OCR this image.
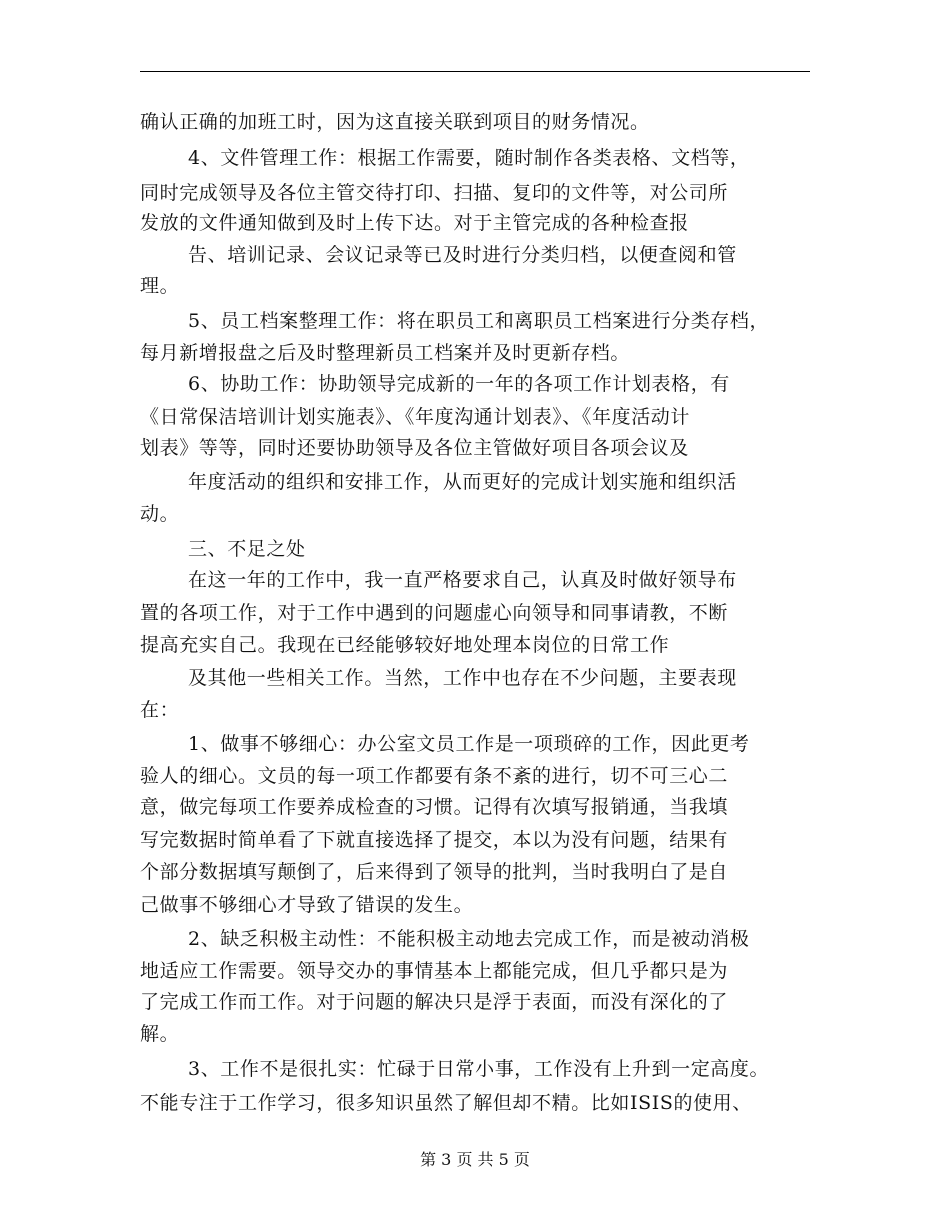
确认正确的加班工时，因为这直接关联到项目的财务情况。
4、文件管理工作：根据工作需要，随时制作各类表格、文档等，
同时完成领导及各位主管交待打印、扫描、复印的文件等，对公司所
发放的文件通知做到及时上传下达。对于主管完成的各种检查报
告、培训记录、会议记录等已及时进行分类归档，以便查阅和管
理。
5、员工档案整理工作：将在职员工和离职员工档案进行分类存档，
每月新增报盘之后及时整理新员工档案并及时更新存档。
6、协助工作：协助领导完成新的一年的各项工作计划表格，有
《日常保洁培训计划实施表》、《年度沟通计划表》、《年度活动计
划表》等等，同时还要协助领导及各位主管做好项目各项会议及
年度活动的组织和安排工作，从而更好的完成计划实施和组织活
动。
三、不足之处
在这一年的工作中，我一直严格要求自己，认真及时做好领导布
置的各项工作，对于工作中遇到的问题虚心向领导和同事请教，不断
提高充实自己。我现在已经能够较好地处理本岗位的日常工作
及其他一些相关工作。当然，工作中也存在不少问题，主要表现
在：
1、做事不够细心：办公室文员工作是一项琐碎的工作，因此更考
验人的细心。文员的每一项工作都要有条不紊的进行，切不可三心二
意，做完每项工作要养成检查的习惯。记得有次填写报销通，当我填
写完数据时简单看了下就直接选择了提交，本以为没有问题，结果有
个部分数据填写颠倒了，后来得到了领导的批判，当时我明白了是自
己做事不够细心才导致了错误的发生。
2、缺乏积极主动性：不能积极主动地去完成工作，而是被动消极
地适应工作需要。领导交办的事情基本上都能完成，但几乎都只是为
了完成工作而工作。对于问题的解决只是浮于表面，而没有深化的了
解。
3、工作不是很扎实：忙碌于日常小事，工作没有上升到一定高度。
不能专注于工作学习，很多知识虽然了解但却不精。比如ISIS的使用、
第 3 页 共 5 页
